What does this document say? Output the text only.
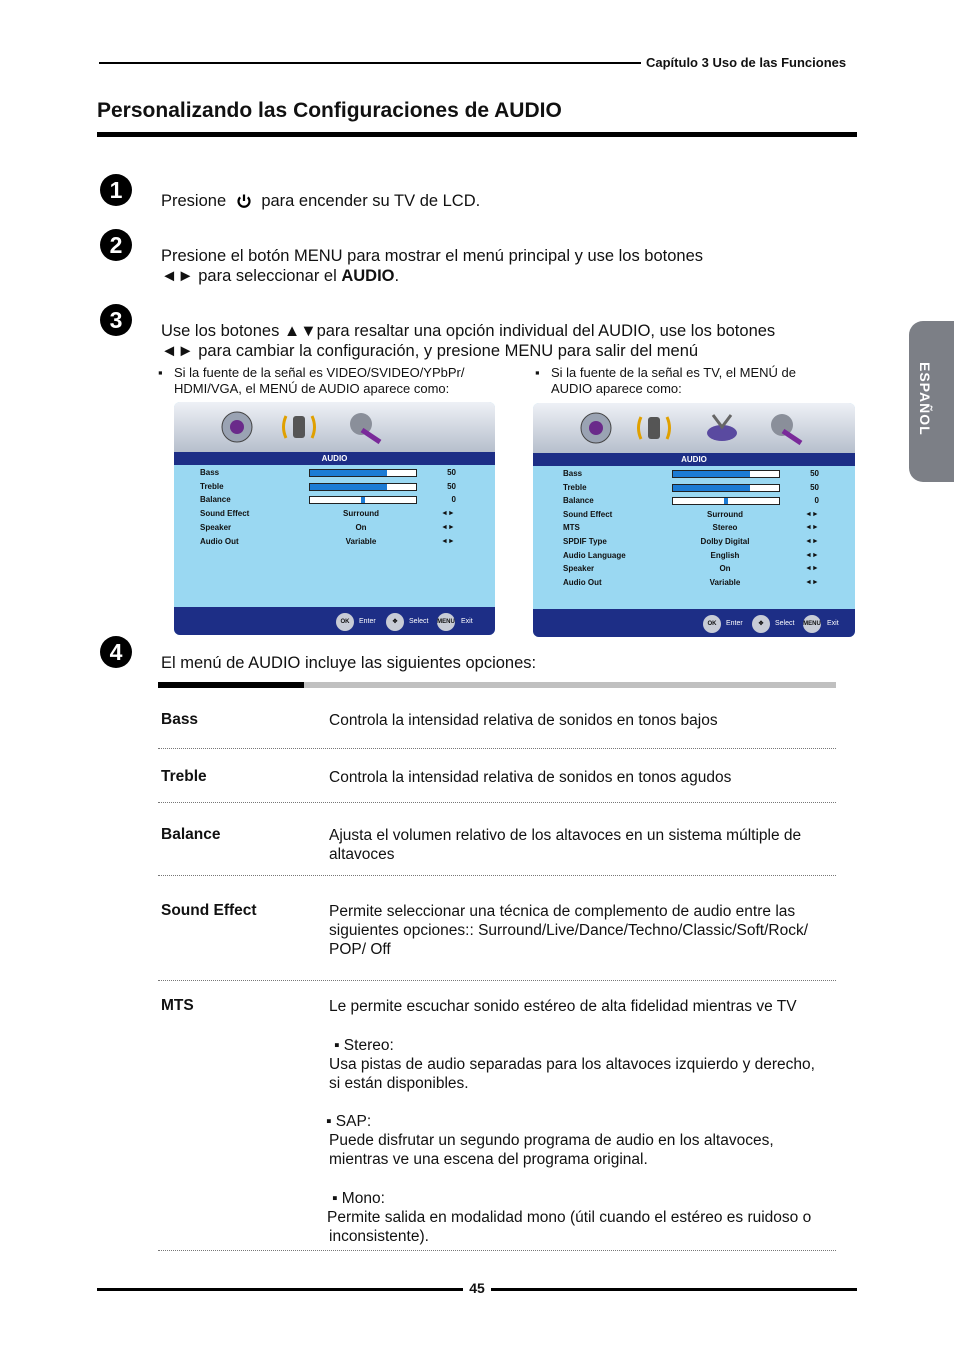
Capítulo 3 Uso de las Funciones
Personalizando las Configuraciones de AUDIO
ESPAÑOL
1	Presione para encender su TV de LCD.
2	Presione el botón MENU para mostrar el menú principal y use los botones
◄► para seleccionar el AUDIO.
3	Use los botones ▲▼para resaltar una opción individual del AUDIO, use los botones
◄► para cambiar la configuración, y presione MENU para salir del menú
▪ Si la fuente de la señal es VIDEO/SVIDEO/YPbPr/
HDMI/VGA, el MENÚ de AUDIO aparece como:
▪ Si la fuente de la señal es TV, el MENÚ de
AUDIO aparece como:
AUDIO
Bass	50
Treble	50
Balance	0
Sound Effect	Surround	◄►
Speaker	On	◄►
Audio Out	Variable	◄►
OK	Enter	✥	Select MENU Exit
AUDIO
Bass	50
Treble	50
Balance	0
Sound Effect	Surround	◄►
MTS	Stereo	◄►
SPDIF Type	Dolby Digital	◄►
Audio Language	English	◄►
Speaker	On	◄►
Audio Out	Variable	◄►
OK	Enter	✥	Select MENU Exit
4	El menú de AUDIO incluye las siguientes opciones:
Bass	Controla la intensidad relativa de sonidos en tonos bajos
Treble	Controla la intensidad relativa de sonidos en tonos agudos
Balance	Ajusta el volumen relativo de los altavoces en un sistema múltiple de
altavoces
Sound Effect	Permite seleccionar una técnica de complemento de audio entre las
siguientes opciones:: Surround/Live/Dance/Techno/Classic/Soft/Rock/
POP/ Off
MTS	Le permite escuchar sonido estéreo de alta fidelidad mientras ve TV
▪ Stereo:
Usa pistas de audio separadas para los altavoces izquierdo y derecho,
si están disponibles.
▪ SAP:
Puede disfrutar un segundo programa de audio en los altavoces,
mientras ve una escena del programa original.
▪ Mono:
Permite salida en modalidad mono (útil cuando el estéreo es ruidoso o
inconsistente).
45
